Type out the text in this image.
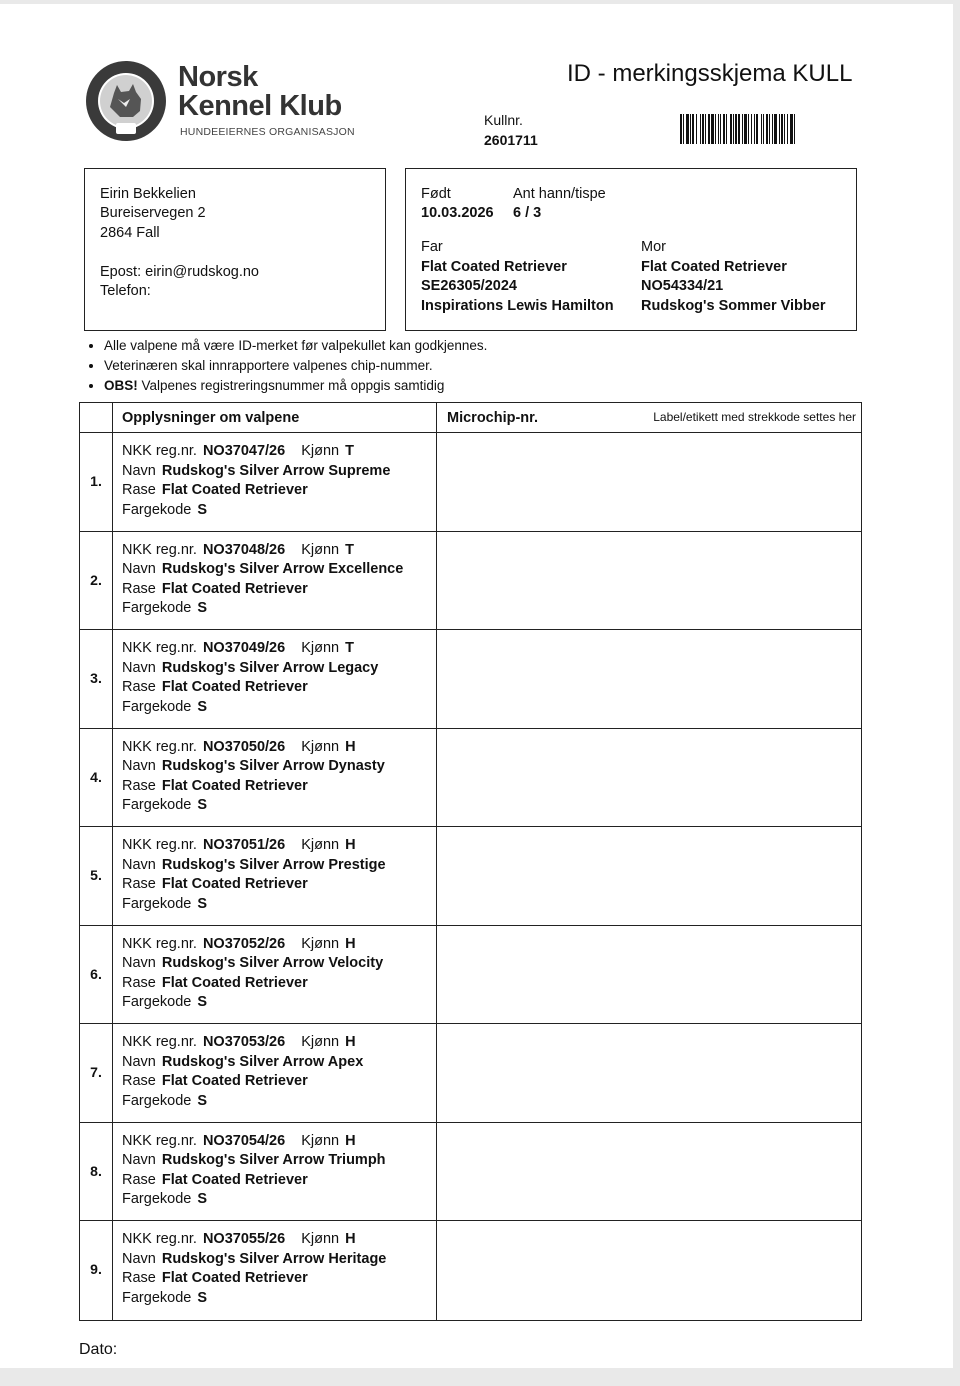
Norsk
Kennel Klub
HUNDEEIERNES ORGANISASJON
ID - merkingsskjema KULL
Kullnr.
2601711
Eirin Bekkelien
Bureiservegen 2
2864 Fall
Epost: eirin@rudskog.no
Telefon:
Født
10.03.2026
Ant hann/tispe
6 / 3
Far
Flat Coated Retriever
SE26305/2024
Inspirations Lewis Hamilton
Mor
Flat Coated Retriever
NO54334/21
Rudskog's Sommer Vibber
• Alle valpene må være ID-merket før valpekullet kan godkjennes.
• Veterinæren skal innrapportere valpenes chip-nummer.
• OBS! Valpenes registreringsnummer må oppgis samtidig
Opplysninger om valpene	Microchip-nr.	Label/etikett med strekkode settes her
1.
NKK reg.nr. NO37047/26 Kjønn T
Navn Rudskog's Silver Arrow Supreme
Rase Flat Coated Retriever
Fargekode S
2.
NKK reg.nr. NO37048/26 Kjønn T
Navn Rudskog's Silver Arrow Excellence
Rase Flat Coated Retriever
Fargekode S
3.
NKK reg.nr. NO37049/26 Kjønn T
Navn Rudskog's Silver Arrow Legacy
Rase Flat Coated Retriever
Fargekode S
4.
NKK reg.nr. NO37050/26 Kjønn H
Navn Rudskog's Silver Arrow Dynasty
Rase Flat Coated Retriever
Fargekode S
5.
NKK reg.nr. NO37051/26 Kjønn H
Navn Rudskog's Silver Arrow Prestige
Rase Flat Coated Retriever
Fargekode S
6.
NKK reg.nr. NO37052/26 Kjønn H
Navn Rudskog's Silver Arrow Velocity
Rase Flat Coated Retriever
Fargekode S
7.
NKK reg.nr. NO37053/26 Kjønn H
Navn Rudskog's Silver Arrow Apex
Rase Flat Coated Retriever
Fargekode S
8.
NKK reg.nr. NO37054/26 Kjønn H
Navn Rudskog's Silver Arrow Triumph
Rase Flat Coated Retriever
Fargekode S
9.
NKK reg.nr. NO37055/26 Kjønn H
Navn Rudskog's Silver Arrow Heritage
Rase Flat Coated Retriever
Fargekode S
Dato:
